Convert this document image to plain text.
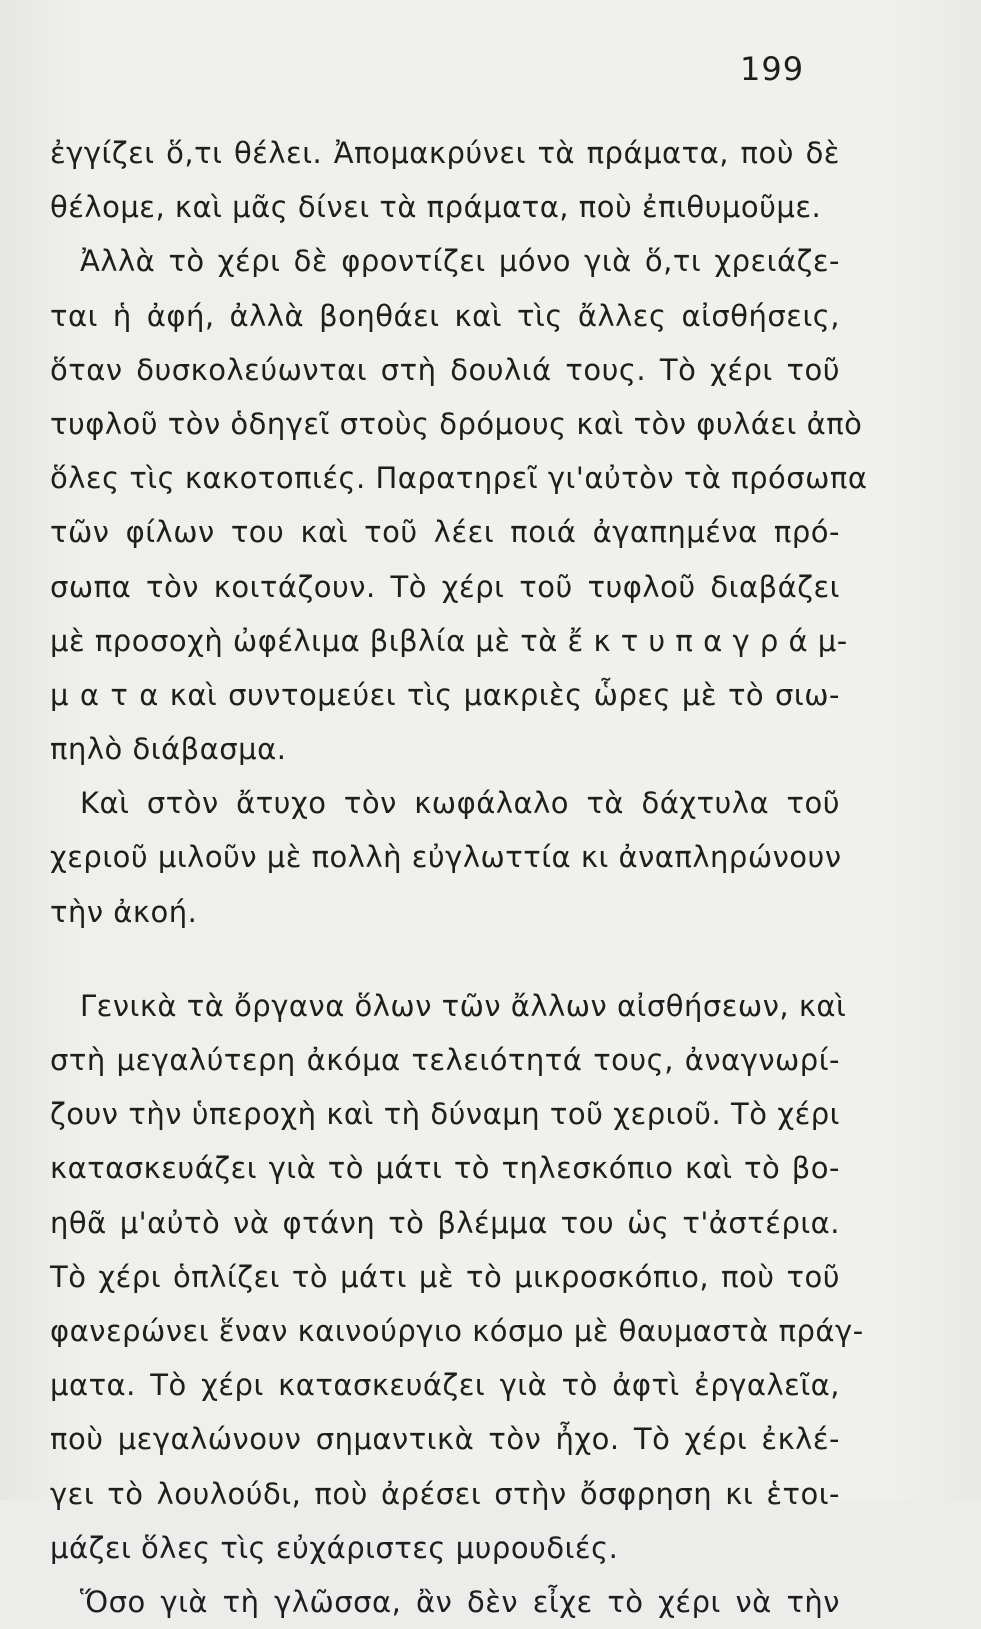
199
ἐγγίζει ὅ,τι θέλει. Ἀπομακρύνει τὰ πράματα, ποὺ δὲ
θέλομε, καὶ μᾶς δίνει τὰ πράματα, ποὺ ἐπιθυμοῦμε.
Ἀλλὰ τὸ χέρι δὲ φροντίζει μόνο γιὰ ὅ,τι χρειάζε-
ται ἡ ἀφή, ἀλλὰ βοηθάει καὶ τὶς ἄλλες αἰσθήσεις,
ὅταν δυσκολεύωνται στὴ δουλιά τους. Τὸ χέρι τοῦ
τυφλοῦ τὸν ὁδηγεῖ στοὺς δρόμους καὶ τὸν φυλάει ἀπὸ
ὅλες τὶς κακοτοπιές. Παρατηρεῖ γι'αὐτὸν τὰ πρόσωπα
τῶν φίλων του καὶ τοῦ λέει ποιά ἀγαπημένα πρό-
σωπα τὸν κοιτάζουν. Τὸ χέρι τοῦ τυφλοῦ διαβάζει
μὲ προσοχὴ ὠφέλιμα βιβλία μὲ τὰ ἔ κ τ υ π α γ ρ ά μ-
μ α τ α καὶ συντομεύει τὶς μακριὲς ὧρες μὲ τὸ σιω-
πηλὸ διάβασμα.
Καὶ στὸν ἄτυχο τὸν κωφάλαλο τὰ δάχτυλα τοῦ
χεριοῦ μιλοῦν μὲ πολλὴ εὐγλωττία κι ἀναπληρώνουν
τὴν ἀκοή.
Γενικὰ τὰ ὄργανα ὅλων τῶν ἄλλων αἰσθήσεων, καὶ
στὴ μεγαλύτερη ἀκόμα τελειότητά τους, ἀναγνωρί-
ζουν τὴν ὑπεροχὴ καὶ τὴ δύναμη τοῦ χεριοῦ. Τὸ χέρι
κατασκευάζει γιὰ τὸ μάτι τὸ τηλεσκόπιο καὶ τὸ βο-
ηθᾶ μ'αὐτὸ νὰ φτάνη τὸ βλέμμα του ὡς τ'ἀστέρια.
Τὸ χέρι ὁπλίζει τὸ μάτι μὲ τὸ μικροσκόπιο, ποὺ τοῦ
φανερώνει ἕναν καινούργιο κόσμο μὲ θαυμαστὰ πράγ-
ματα. Τὸ χέρι κατασκευάζει γιὰ τὸ ἀφτὶ ἐργαλεῖα,
ποὺ μεγαλώνουν σημαντικὰ τὸν ἦχο. Τὸ χέρι ἐκλέ-
γει τὸ λουλούδι, ποὺ ἀρέσει στὴν ὄσφρηση κι ἑτοι-
μάζει ὅλες τὶς εὐχάριστες μυρουδιές.
Ὅσο γιὰ τὴ γλῶσσα, ἂν δὲν εἶχε τὸ χέρι νὰ τὴν
